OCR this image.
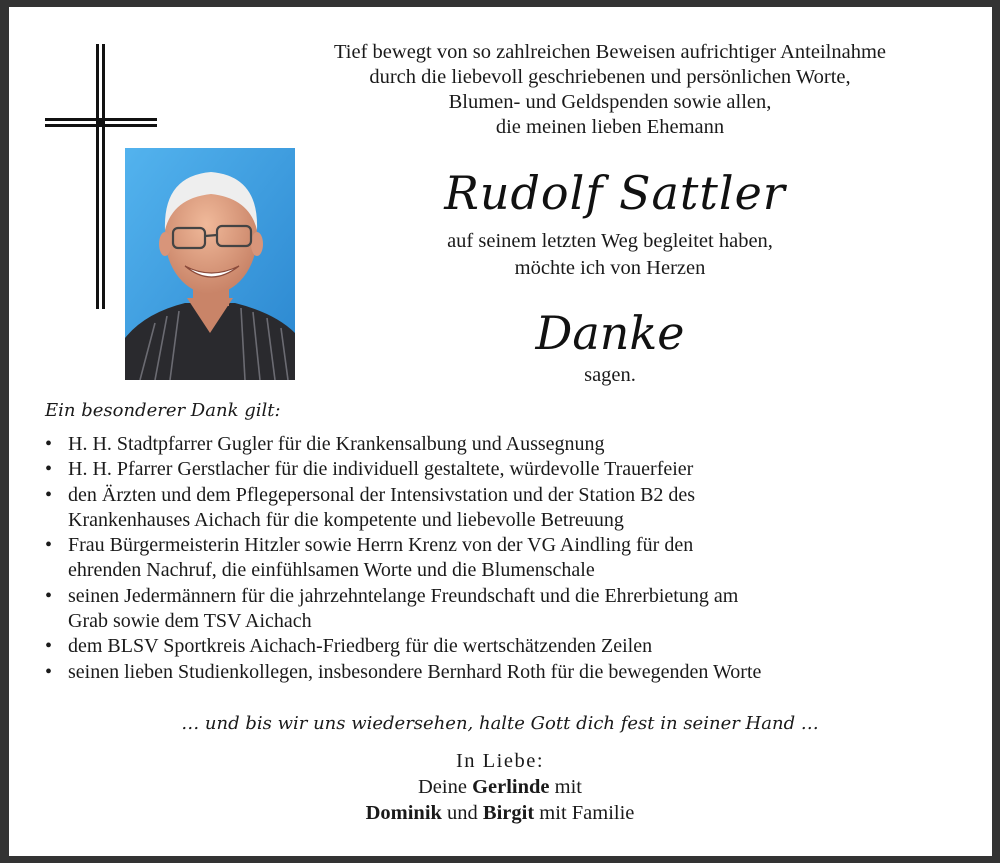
Tief bewegt von so zahlreichen Beweisen aufrichtiger Anteilnahme
durch die liebevoll geschriebenen und persönlichen Worte,
Blumen- und Geldspenden sowie allen,
die meinen lieben Ehemann
Rudolf Sattler
auf seinem letzten Weg begleitet haben,
möchte ich von Herzen
Danke
sagen.
Ein besonderer Dank gilt:
• H. H. Stadtpfarrer Gugler für die Krankensalbung und Aussegnung
• H. H. Pfarrer Gerstlacher für die individuell gestaltete, würdevolle Trauerfeier
• den Ärzten und dem Pflegepersonal der Intensivstation und der Station B2 des
Krankenhauses Aichach für die kompetente und liebevolle Betreuung
• Frau Bürgermeisterin Hitzler sowie Herrn Krenz von der VG Aindling für den
ehrenden Nachruf, die einfühlsamen Worte und die Blumenschale
• seinen Jedermännern für die jahrzehntelange Freundschaft und die Ehrerbietung am
Grab sowie dem TSV Aichach
• dem BLSV Sportkreis Aichach-Friedberg für die wertschätzenden Zeilen
• seinen lieben Studienkollegen, insbesondere Bernhard Roth für die bewegenden Worte
… und bis wir uns wiedersehen, halte Gott dich fest in seiner Hand …
In Liebe:
Deine Gerlinde mit
Dominik und Birgit mit Familie
